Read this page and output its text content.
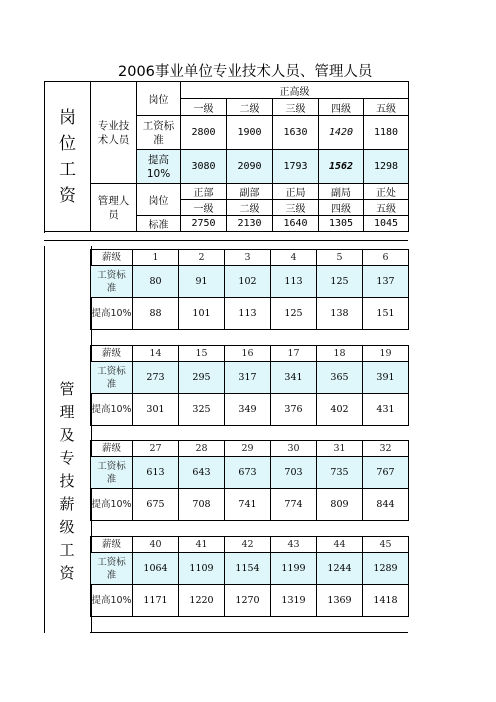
2006事业单位专业技术人员、管理人员
岗位工资	专业技术人员	岗位	正高级				
			一级	二级	三级	四级	五级

		工资标准	2800	1900	1630	1420	1180

		提高10%	3080	2090	1793	1562	1298

	管理人员	岗位	正部	副部	正局	副局	正处
			一级	二级	三级	四级	五级
		标准	2750	2130	1640	1305	1045

管理及专技薪级工资
薪级	1	2	3	4	5	6

工资标准	80	91	102	113	125	137
提高10%	88	101	113	125	138	151
薪级	14	15	16	17	18	19

工资标准	273	295	317	341	365	391
提高10%	301	325	349	376	402	431
薪级	27	28	29	30	31	32

工资标准	613	643	673	703	735	767
提高10%	675	708	741	774	809	844
薪级	40	41	42	43	44	45

工资标准	1064	1109	1154	1199	1244	1289
提高10%	1171	1220	1270	1319	1369	1418
